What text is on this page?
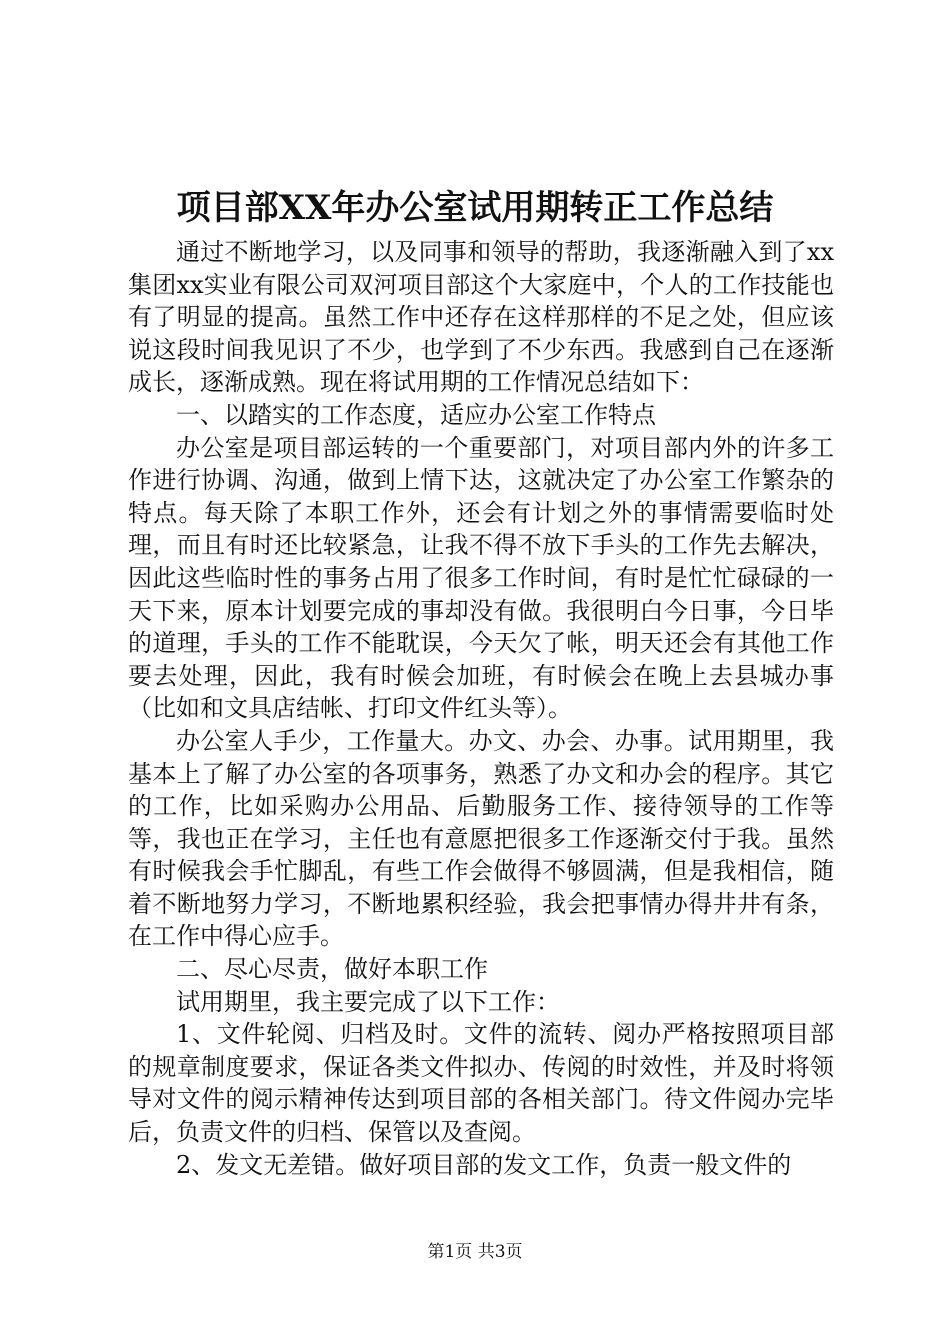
项目部XX年办公室试用期转正工作总结

通过不断地学习，以及同事和领导的帮助，我逐渐融入到了xx集团xx实业有限公司双河项目部这个大家庭中，个人的工作技能也有了明显的提高。虽然工作中还存在这样那样的不足之处，但应该说这段时间我见识了不少，也学到了不少东西。我感到自己在逐渐成长，逐渐成熟。现在将试用期的工作情况总结如下：

一、以踏实的工作态度，适应办公室工作特点

办公室是项目部运转的一个重要部门，对项目部内外的许多工作进行协调、沟通，做到上情下达，这就决定了办公室工作繁杂的特点。每天除了本职工作外，还会有计划之外的事情需要临时处理，而且有时还比较紧急，让我不得不放下手头的工作先去解决，因此这些临时性的事务占用了很多工作时间，有时是忙忙碌碌的一天下来，原本计划要完成的事却没有做。我很明白今日事，今日毕的道理，手头的工作不能耽误，今天欠了帐，明天还会有其他工作要去处理，因此，我有时候会加班，有时候会在晚上去县城办事（比如和文具店结帐、打印文件红头等）。

办公室人手少，工作量大。办文、办会、办事。试用期里，我基本上了解了办公室的各项事务，熟悉了办文和办会的程序。其它的工作，比如采购办公用品、后勤服务工作、接待领导的工作等等，我也正在学习，主任也有意愿把很多工作逐渐交付于我。虽然有时候我会手忙脚乱，有些工作会做得不够圆满，但是我相信，随着不断地努力学习，不断地累积经验，我会把事情办得井井有条，在工作中得心应手。

二、尽心尽责，做好本职工作

试用期里，我主要完成了以下工作：

1、文件轮阅、归档及时。文件的流转、阅办严格按照项目部的规章制度要求，保证各类文件拟办、传阅的时效性，并及时将领导对文件的阅示精神传达到项目部的各相关部门。待文件阅办完毕后，负责文件的归档、保管以及查阅。

2、发文无差错。做好项目部的发文工作，负责一般文件的

第1页 共3页
